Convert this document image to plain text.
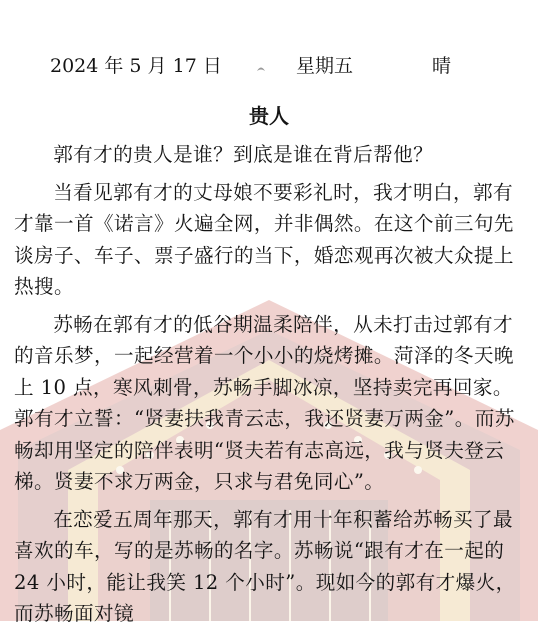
2024 年 5 月 17 日	星期五	晴
贵人

郭有才的贵人是谁？到底是谁在背后帮他？

当看见郭有才的丈母娘不要彩礼时，我才明白，郭有才靠一首《诺言》火遍全网，并非偶然。在这个前三句先谈房子、车子、票子盛行的当下，婚恋观再次被大众提上热搜。

苏畅在郭有才的低谷期温柔陪伴，从未打击过郭有才的音乐梦，一起经营着一个小小的烧烤摊。菏泽的冬天晚上 10 点，寒风刺骨，苏畅手脚冰凉，坚持卖完再回家。郭有才立誓：“贤妻扶我青云志，我还贤妻万两金”。而苏畅却用坚定的陪伴表明“贤夫若有志高远，我与贤夫登云梯。贤妻不求万两金，只求与君免同心”。

在恋爱五周年那天，郭有才用十年积蓄给苏畅买了最喜欢的车，写的是苏畅的名字。苏畅说“跟有才在一起的 24 小时，能让我笑 12 个小时”。现如今的郭有才爆火，而苏畅面对镜
